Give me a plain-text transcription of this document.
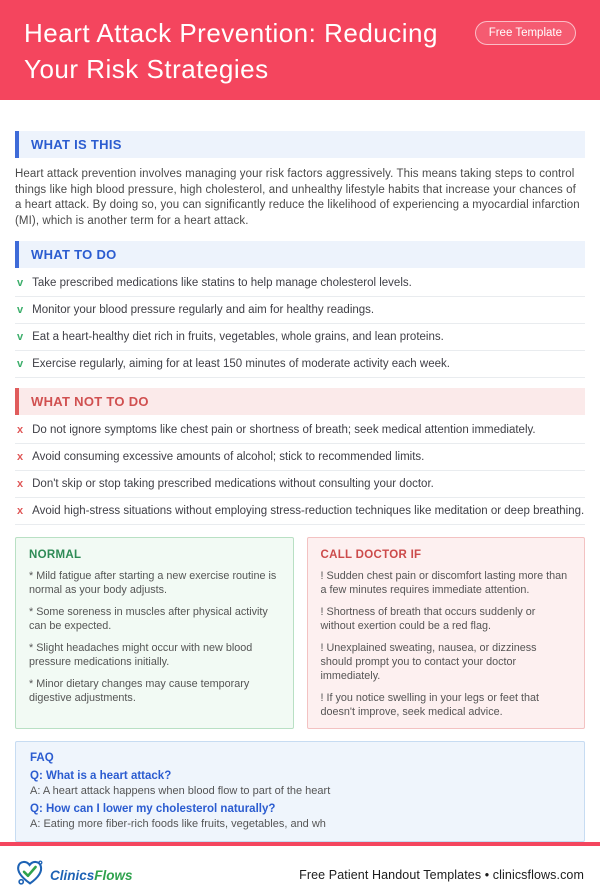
Heart Attack Prevention: Reducing Your Risk Strategies
Free Template
WHAT IS THIS

Heart attack prevention involves managing your risk factors aggressively. This means taking steps to control things like high blood pressure, high cholesterol, and unhealthy lifestyle habits that increase your chances of a heart attack. By doing so, you can significantly reduce the likelihood of experiencing a myocardial infarction (MI), which is another term for a heart attack.

WHAT TO DO
v Take prescribed medications like statins to help manage cholesterol levels.
v Monitor your blood pressure regularly and aim for healthy readings.
v Eat a heart-healthy diet rich in fruits, vegetables, whole grains, and lean proteins.
v Exercise regularly, aiming for at least 150 minutes of moderate activity each week.
WHAT NOT TO DO
x Do not ignore symptoms like chest pain or shortness of breath; seek medical attention immediately.
x Avoid consuming excessive amounts of alcohol; stick to recommended limits.
x Don't skip or stop taking prescribed medications without consulting your doctor.
x Avoid high-stress situations without employing stress-reduction techniques like meditation or deep breathing.
NORMAL

* Mild fatigue after starting a new exercise routine is normal as your body adjusts.

* Some soreness in muscles after physical activity can be expected.

* Slight headaches might occur with new blood pressure medications initially.

* Minor dietary changes may cause temporary digestive adjustments.

CALL DOCTOR IF

! Sudden chest pain or discomfort lasting more than a few minutes requires immediate attention.

! Shortness of breath that occurs suddenly or without exertion could be a red flag.

! Unexplained sweating, nausea, or dizziness should prompt you to contact your doctor immediately.

! If you notice swelling in your legs or feet that doesn't improve, seek medical advice.

FAQ
Q: What is a heart attack?
A: A heart attack happens when blood flow to part of the heart
Q: How can I lower my cholesterol naturally?
A: Eating more fiber-rich foods like fruits, vegetables, and wh
ClinicsFlows	Free Patient Handout Templates • clinicsflows.com
